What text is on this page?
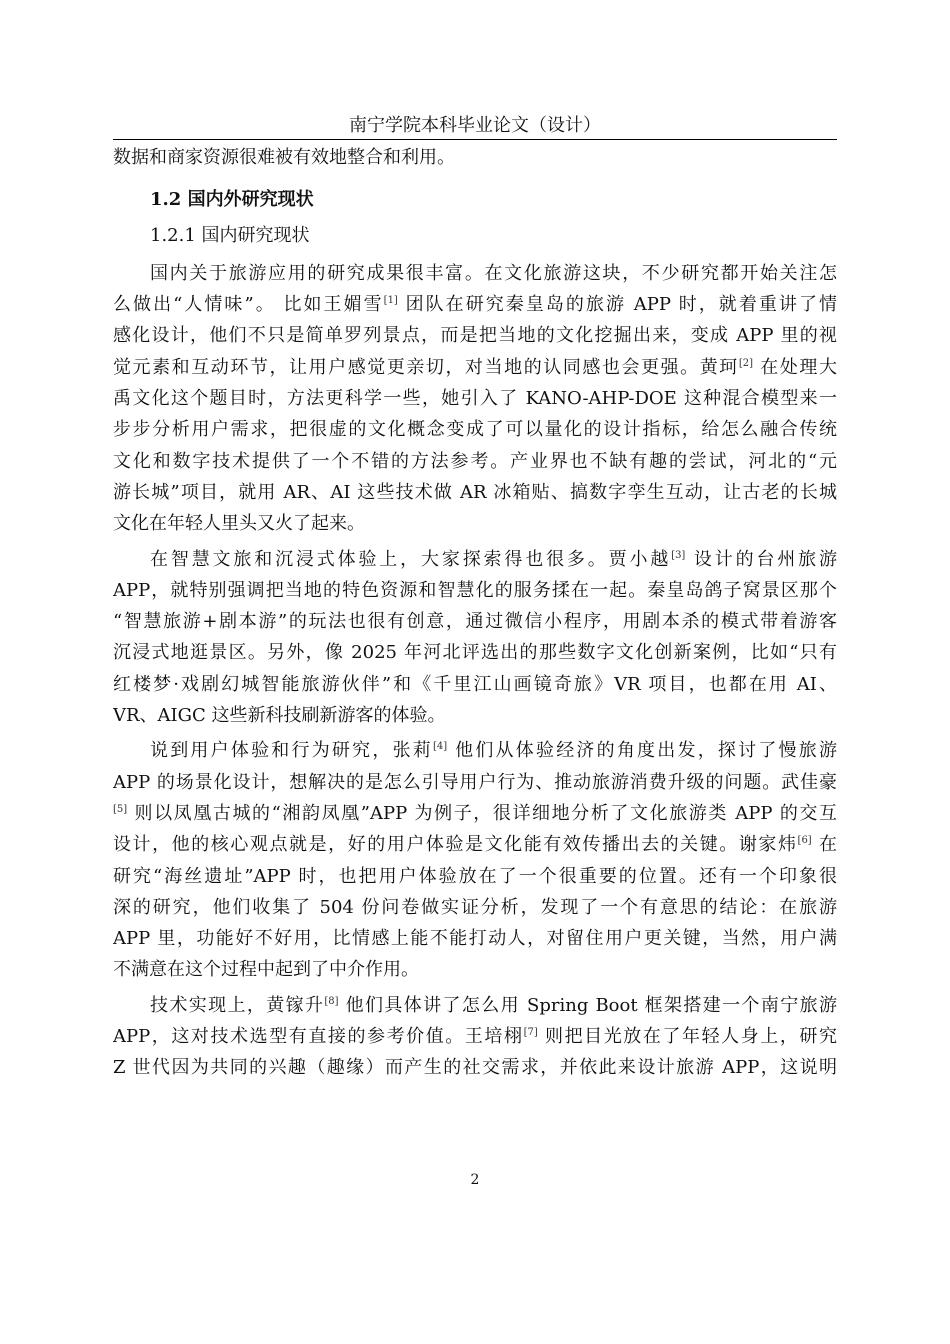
南宁学院本科毕业论文（设计）
数据和商家资源很难被有效地整合和利用。
1.2 国内外研究现状
1.2.1 国内研究现状
国内关于旅游应用的研究成果很丰富。在文化旅游这块，不少研究都开始关注怎
么做出“人情味”。 比如王媚雪[1] 团队在研究秦皇岛的旅游 APP 时，就着重讲了情
感化设计，他们不只是简单罗列景点，而是把当地的文化挖掘出来，变成 APP 里的视
觉元素和互动环节，让用户感觉更亲切，对当地的认同感也会更强。黄珂[2] 在处理大
禹文化这个题目时，方法更科学一些，她引入了 KANO-AHP-DOE 这种混合模型来一
步步分析用户需求，把很虚的文化概念变成了可以量化的设计指标，给怎么融合传统
文化和数字技术提供了一个不错的方法参考。产业界也不缺有趣的尝试，河北的“元
游长城”项目，就用 AR、AI 这些技术做 AR 冰箱贴、搞数字孪生互动，让古老的长城
文化在年轻人里头又火了起来。
在智慧文旅和沉浸式体验上，大家探索得也很多。贾小越[3] 设计的台州旅游
APP，就特别强调把当地的特色资源和智慧化的服务揉在一起。秦皇岛鸽子窝景区那个
“智慧旅游+剧本游”的玩法也很有创意，通过微信小程序，用剧本杀的模式带着游客
沉浸式地逛景区。另外，像 2025 年河北评选出的那些数字文化创新案例，比如“只有
红楼梦·戏剧幻城智能旅游伙伴”和《千里江山画镜奇旅》VR 项目，也都在用 AI、
VR、AIGC 这些新科技刷新游客的体验。
说到用户体验和行为研究，张莉[4] 他们从体验经济的角度出发，探讨了慢旅游
APP 的场景化设计，想解决的是怎么引导用户行为、推动旅游消费升级的问题。武佳豪
[5] 则以凤凰古城的“湘韵凤凰”APP 为例子，很详细地分析了文化旅游类 APP 的交互
设计，他的核心观点就是，好的用户体验是文化能有效传播出去的关键。谢家炜[6] 在
研究“海丝遗址”APP 时，也把用户体验放在了一个很重要的位置。还有一个印象很
深的研究，他们收集了 504 份问卷做实证分析，发现了一个有意思的结论：在旅游
APP 里，功能好不好用，比情感上能不能打动人，对留住用户更关键，当然，用户满
不满意在这个过程中起到了中介作用。
技术实现上，黄镓升[8] 他们具体讲了怎么用 Spring Boot 框架搭建一个南宁旅游
APP，这对技术选型有直接的参考价值。王培栩[7] 则把目光放在了年轻人身上，研究
Z 世代因为共同的兴趣（趣缘）而产生的社交需求，并依此来设计旅游 APP，这说明
2
